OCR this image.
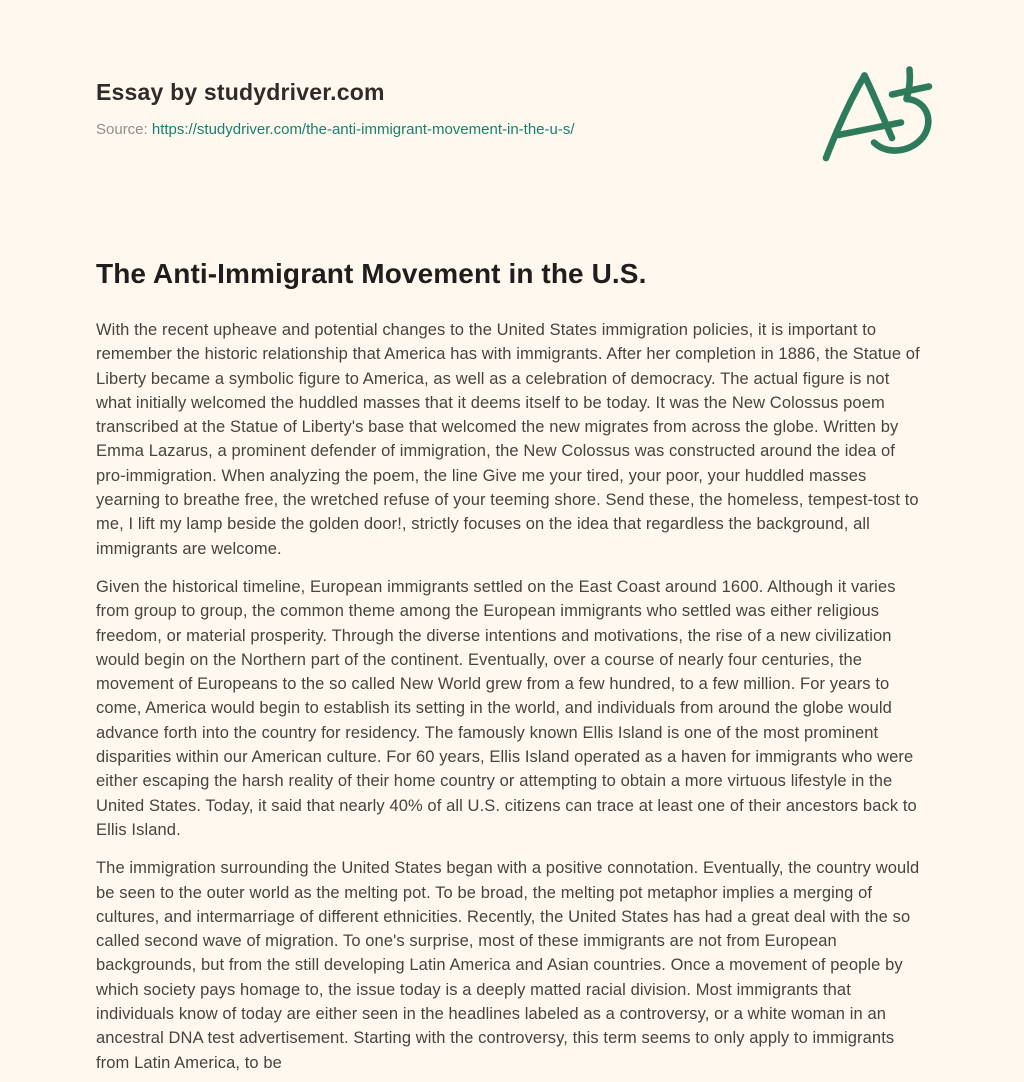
Essay by studydriver.com
Source: https://studydriver.com/the-anti-immigrant-movement-in-the-u-s/
The Anti-Immigrant Movement in the U.S.

With the recent upheave and potential changes to the United States immigration policies, it is important to remember the historic relationship that America has with immigrants. After her completion in 1886, the Statue of Liberty became a symbolic figure to America, as well as a celebration of democracy. The actual figure is not what initially welcomed the huddled masses that it deems itself to be today. It was the New Colossus poem transcribed at the Statue of Liberty's base that welcomed the new migrates from across the globe. Written by Emma Lazarus, a prominent defender of immigration, the New Colossus was constructed around the idea of pro-immigration. When analyzing the poem, the line Give me your tired, your poor, your huddled masses yearning to breathe free, the wretched refuse of your teeming shore. Send these, the homeless, tempest-tost to me, I lift my lamp beside the golden door!, strictly focuses on the idea that regardless the background, all immigrants are welcome.

Given the historical timeline, European immigrants settled on the East Coast around 1600. Although it varies from group to group, the common theme among the European immigrants who settled was either religious freedom, or material prosperity. Through the diverse intentions and motivations, the rise of a new civilization would begin on the Northern part of the continent. Eventually, over a course of nearly four centuries, the movement of Europeans to the so called New World grew from a few hundred, to a few million. For years to come, America would begin to establish its setting in the world, and individuals from around the globe would advance forth into the country for residency. The famously known Ellis Island is one of the most prominent disparities within our American culture. For 60 years, Ellis Island operated as a haven for immigrants who were either escaping the harsh reality of their home country or attempting to obtain a more virtuous lifestyle in the United States. Today, it said that nearly 40% of all U.S. citizens can trace at least one of their ancestors back to Ellis Island.

The immigration surrounding the United States began with a positive connotation. Eventually, the country would be seen to the outer world as the melting pot. To be broad, the melting pot metaphor implies a merging of cultures, and intermarriage of different ethnicities. Recently, the United States has had a great deal with the so called second wave of migration. To one's surprise, most of these immigrants are not from European backgrounds, but from the still developing Latin America and Asian countries. Once a movement of people by which society pays homage to, the issue today is a deeply matted racial division. Most immigrants that individuals know of today are either seen in the headlines labeled as a controversy, or a white woman in an ancestral DNA test advertisement. Starting with the controversy, this term seems to only apply to immigrants from Latin America, to be
